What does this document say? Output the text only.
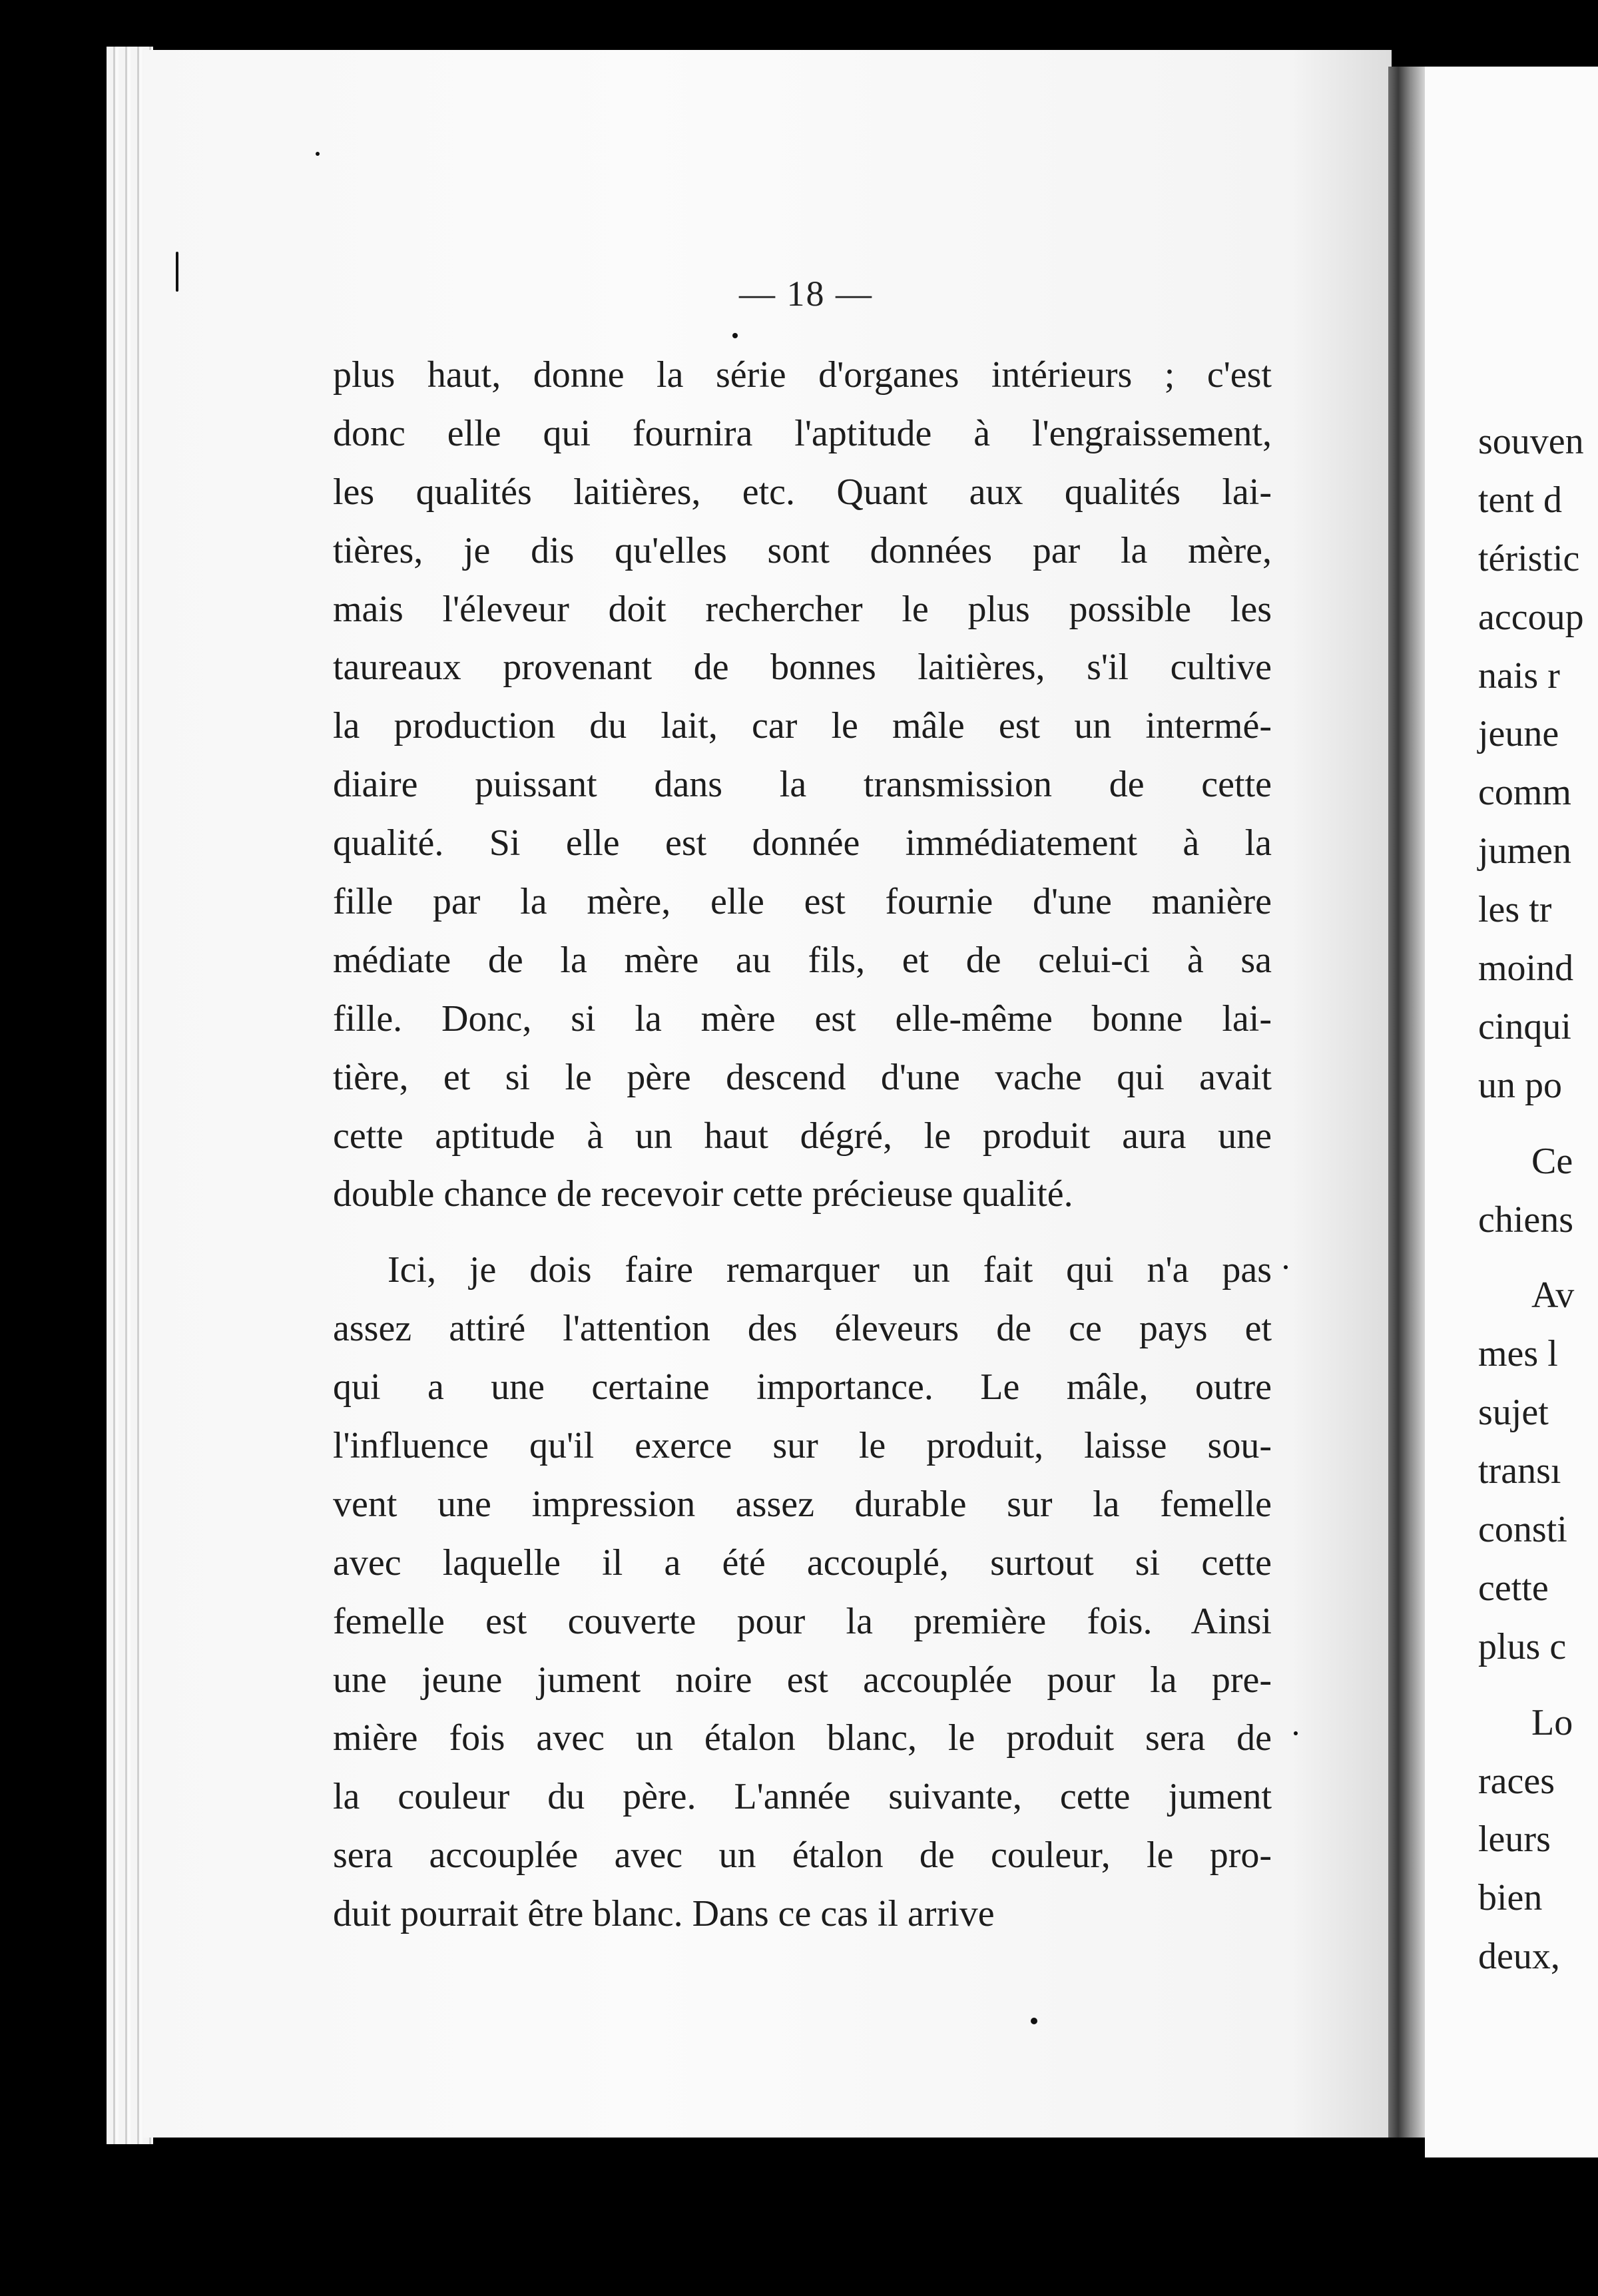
souven
tent d
téristic
accoup
nais r
jeune
comm
jumen
les tr
moind
cinqui
un po
Ce
chiens
Av
mes l
sujet
transı
consti
cette
plus c
Lo
races
leurs
bien
deux,
— 18 —
plus haut, donne la série d'organes intérieurs ; c'est
donc elle qui fournira l'aptitude à l'engraissement,
les qualités laitières, etc. Quant aux qualités lai-
tières, je dis qu'elles sont données par la mère,
mais l'éleveur doit rechercher le plus possible les
taureaux provenant de bonnes laitières, s'il cultive
la production du lait, car le mâle est un intermé-
diaire puissant dans la transmission de cette
qualité. Si elle est donnée immédiatement à la
fille par la mère, elle est fournie d'une manière
médiate de la mère au fils, et de celui-ci à sa
fille. Donc, si la mère est elle-même bonne lai-
tière, et si le père descend d'une vache qui avait
cette aptitude à un haut dégré, le produit aura une
double chance de recevoir cette précieuse qualité.
Ici, je dois faire remarquer un fait qui n'a pas
assez attiré l'attention des éleveurs de ce pays et
qui a une certaine importance. Le mâle, outre
l'influence qu'il exerce sur le produit, laisse sou-
vent une impression assez durable sur la femelle
avec laquelle il a été accouplé, surtout si cette
femelle est couverte pour la première fois. Ainsi
une jeune jument noire est accouplée pour la pre-
mière fois avec un étalon blanc, le produit sera de
la couleur du père. L'année suivante, cette jument
sera accouplée avec un étalon de couleur, le pro-
duit pourrait être blanc. Dans ce cas il arrive
